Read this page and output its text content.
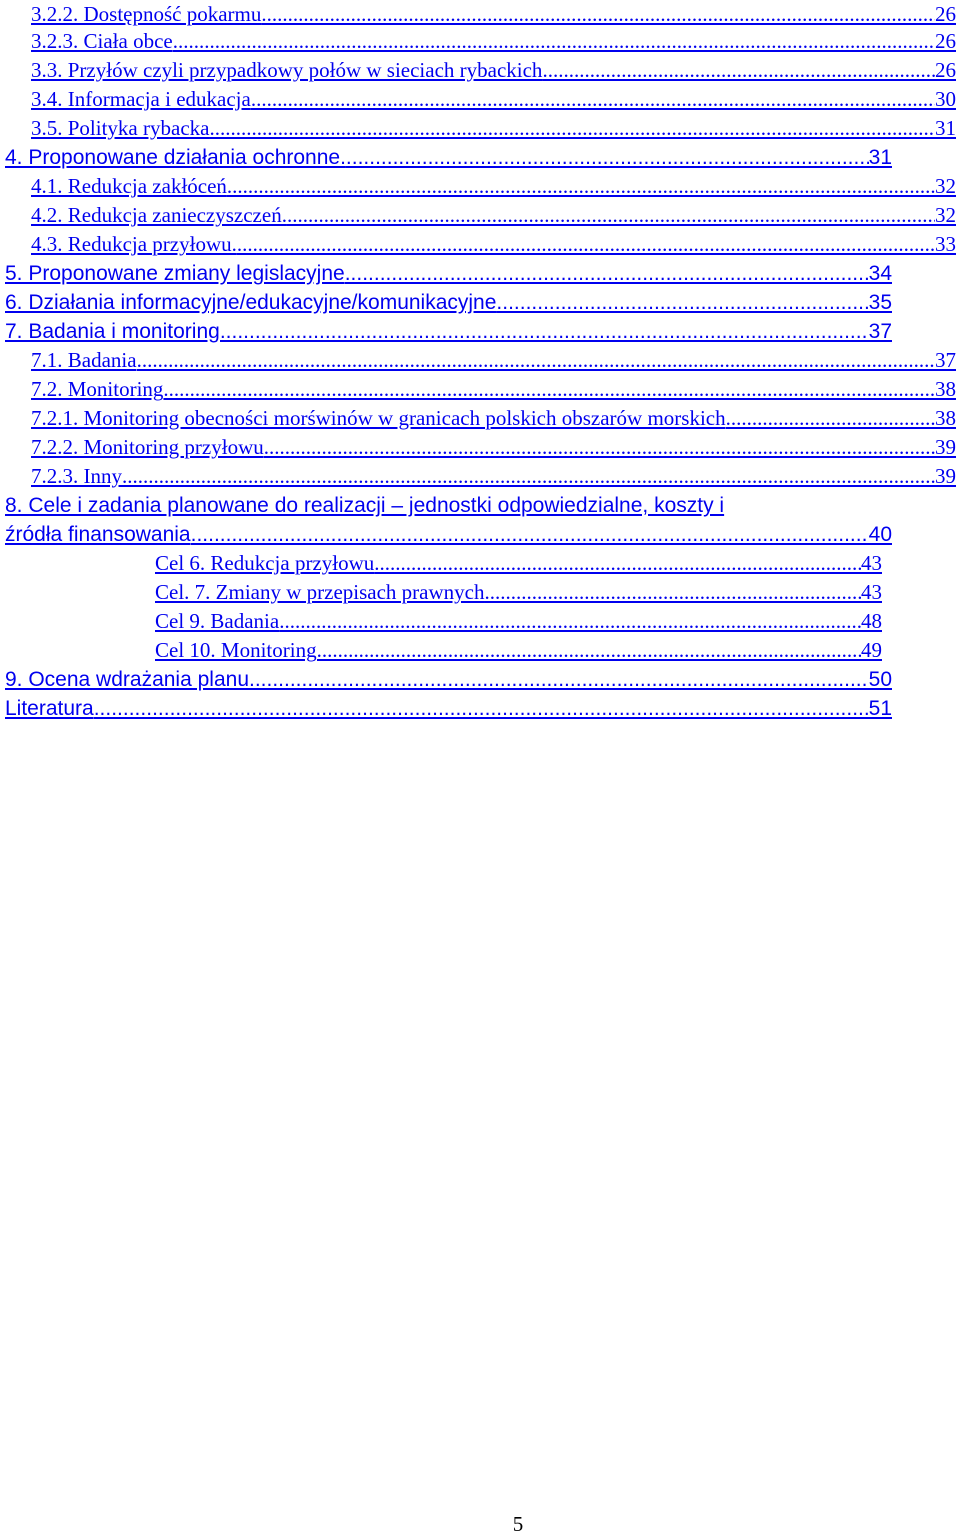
3.2.2. Dostępność pokarmu .....	26
3.2.3. Ciała obce .....	26
3.3. Przyłów czyli przypadkowy połów w sieciach rybackich .....	26
3.4. Informacja i edukacja .....	30
3.5. Polityka rybacka .....	31
4. Proponowane działania ochronne. .....	31
4.1. Redukcja zakłóceń .....	32
4.2. Redukcja zanieczyszczeń. .....	32
4.3. Redukcja przyłowu. .....	33
5. Proponowane zmiany legislacyjne .....	34
6. Działania informacyjne/edukacyjne/komunikacyjne .....	35
7. Badania i monitoring .....	37
7.1. Badania .....	37
7.2. Monitoring .....	38
7.2.1. Monitoring obecności morświnów w granicach polskich obszarów morskich .....	38
7.2.2. Monitoring przyłowu .....	39
7.2.3. Inny .....	39
8. Cele i zadania planowane do realizacji – jednostki odpowiedzialne, koszty i
źródła finansowania .....	40
Cel 6. Redukcja przyłowu .....	43
Cel. 7. Zmiany w przepisach prawnych .....	43
Cel 9. Badania .....	48
Cel 10. Monitoring .....	49
9. Ocena wdrażania planu .....	50
Literatura .....	51
5
